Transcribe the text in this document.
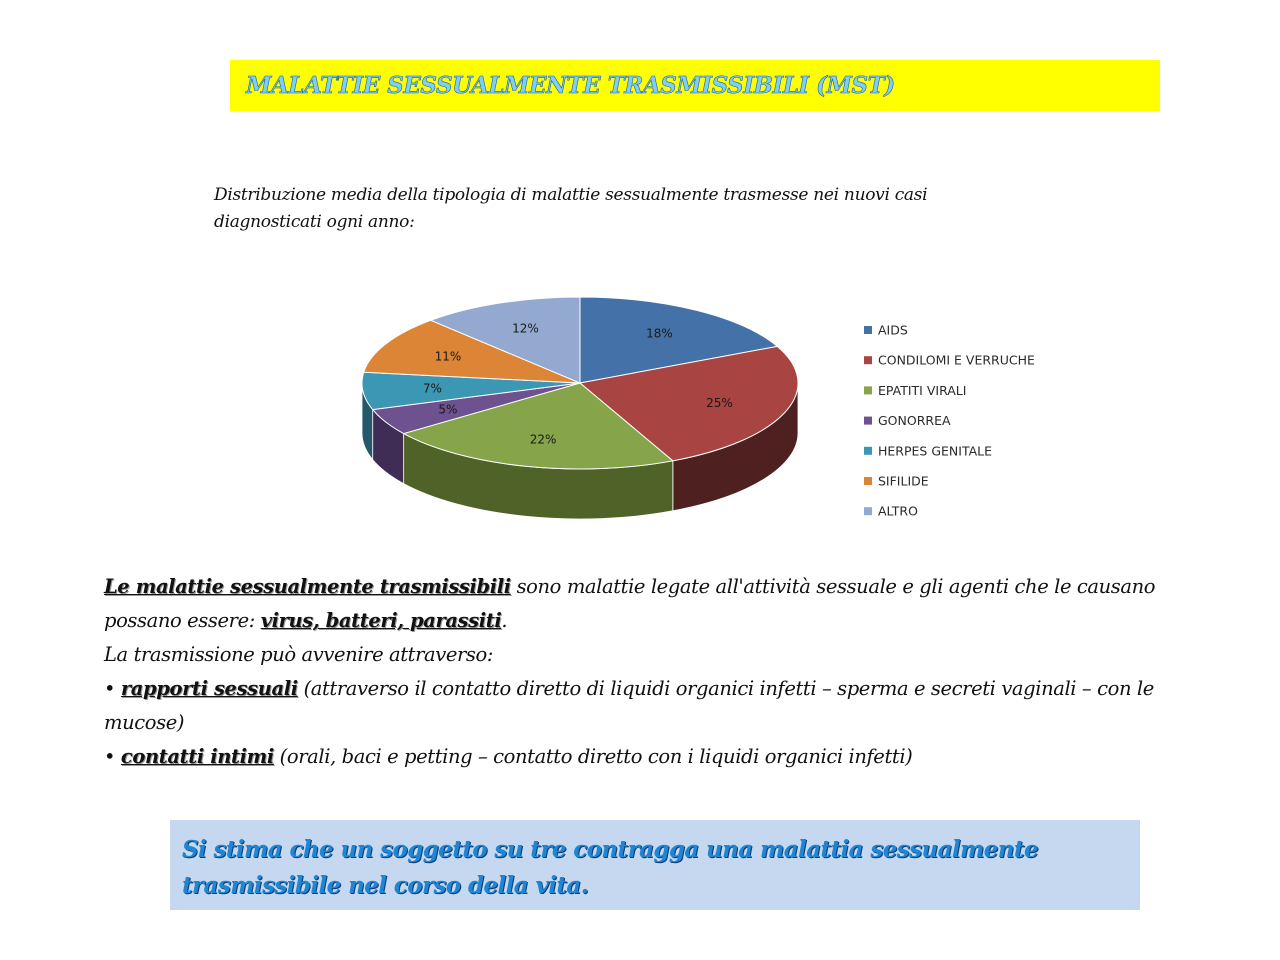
MALATTIE SESSUALMENTE TRASMISSIBILI (MST)
Distribuzione media della tipologia di malattie sessualmente trasmesse nei nuovi casi
diagnosticati ogni anno:
18%
25%
22%
5%
7%
11%
12%	AIDS
CONDILOMI E VERRUCHE
EPATITI VIRALI
GONORREA
HERPES GENITALE
SIFILIDE
ALTRO

Le malattie sessualmente trasmissibili sono malattie legate all'attività sessuale e gli agenti che le causano possano essere: virus, batteri, parassiti.

La trasmissione può avvenire attraverso:

• rapporti sessuali (attraverso il contatto diretto di liquidi organici infetti – sperma e secreti vaginali – con le mucose)

• contatti intimi (orali, baci e petting – contatto diretto con i liquidi organici infetti)

Si stima che un soggetto su tre contragga una malattia sessualmente trasmissibile nel corso della vita.
